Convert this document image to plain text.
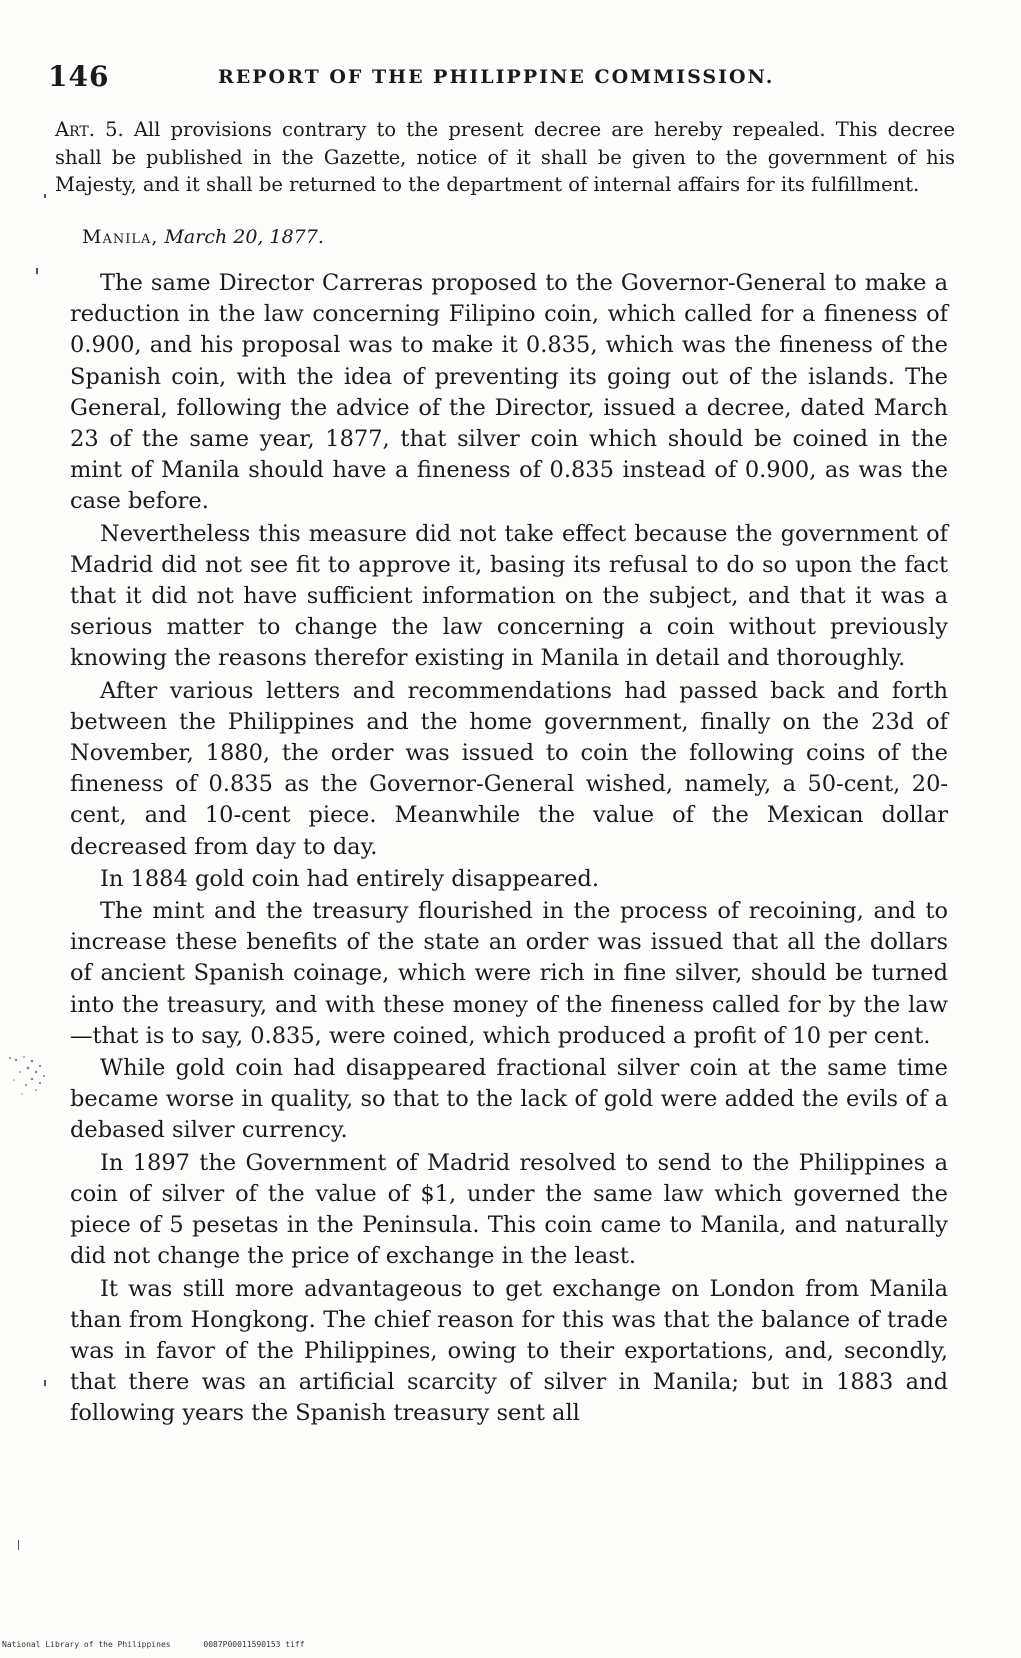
146	REPORT OF THE PHILIPPINE COMMISSION.
Art. 5. All provisions contrary to the present decree are hereby repealed. This decree shall be published in the Gazette, notice of it shall be given to the government of his Majesty, and it shall be returned to the department of internal affairs for its fulfillment.
Manila, March 20, 1877.

The same Director Carreras proposed to the Governor-General to make a reduction in the law concerning Filipino coin, which called for a fineness of 0.900, and his proposal was to make it 0.835, which was the fineness of the Spanish coin, with the idea of preventing its going out of the islands. The General, following the advice of the Director, issued a decree, dated March 23 of the same year, 1877, that silver coin which should be coined in the mint of Manila should have a fineness of 0.835 instead of 0.900, as was the case before.

Nevertheless this measure did not take effect because the government of Madrid did not see fit to approve it, basing its refusal to do so upon the fact that it did not have sufficient information on the subject, and that it was a serious matter to change the law concerning a coin without previously knowing the reasons therefor existing in Manila in detail and thoroughly.

After various letters and recommendations had passed back and forth between the Philippines and the home government, finally on the 23d of November, 1880, the order was issued to coin the following coins of the fineness of 0.835 as the Governor-General wished, namely, a 50-cent, 20-cent, and 10-cent piece. Meanwhile the value of the Mexican dollar decreased from day to day.

In 1884 gold coin had entirely disappeared.

The mint and the treasury flourished in the process of recoining, and to increase these benefits of the state an order was issued that all the dollars of ancient Spanish coinage, which were rich in fine silver, should be turned into the treasury, and with these money of the fineness called for by the law—that is to say, 0.835, were coined, which produced a profit of 10 per cent.

While gold coin had disappeared fractional silver coin at the same time became worse in quality, so that to the lack of gold were added the evils of a debased silver currency.

In 1897 the Government of Madrid resolved to send to the Philippines a coin of silver of the value of $1, under the same law which governed the piece of 5 pesetas in the Peninsula. This coin came to Manila, and naturally did not change the price of exchange in the least.

It was still more advantageous to get exchange on London from Manila than from Hongkong. The chief reason for this was that the balance of trade was in favor of the Philippines, owing to their exportations, and, secondly, that there was an artificial scarcity of silver in Manila; but in 1883 and following years the Spanish treasury sent all

National Library of the Philippines	0087P00011590153 tiff
